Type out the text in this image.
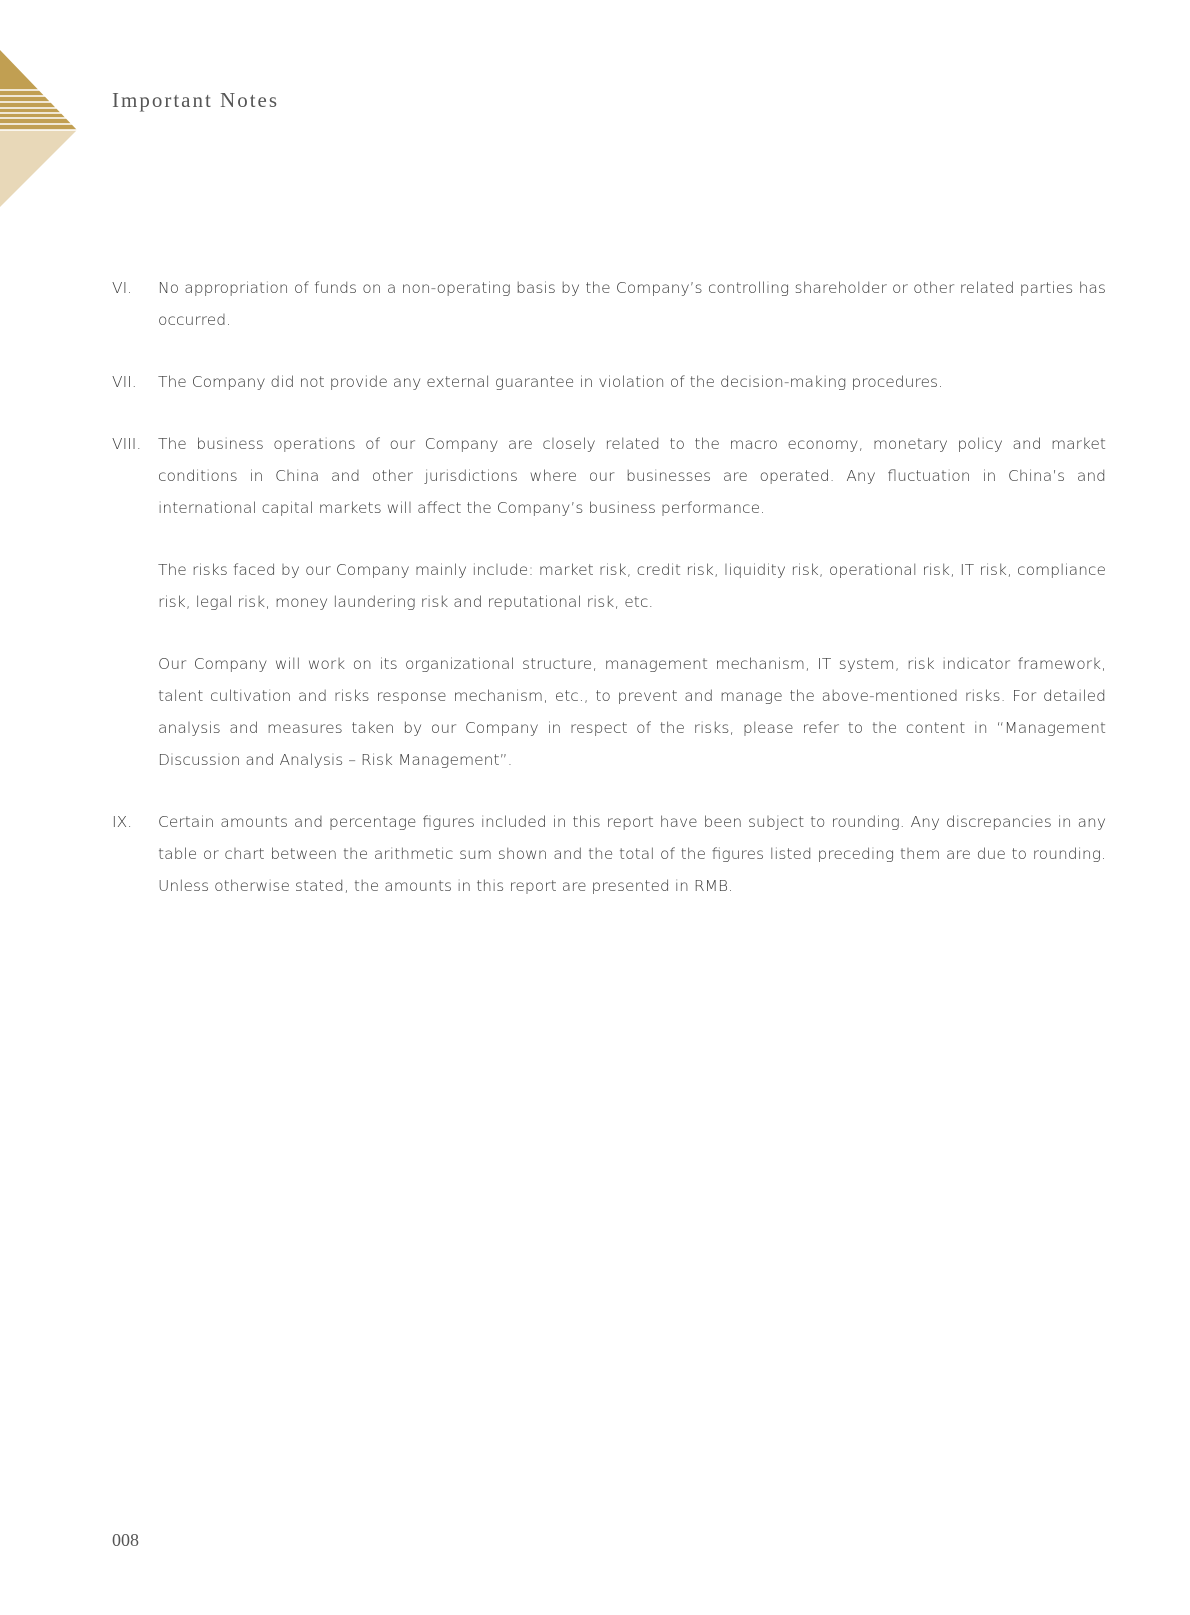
Important Notes
VI.	No appropriation of funds on a non-operating basis by the Company’s controlling shareholder or other related parties has occurred.

VII.	The Company did not provide any external guarantee in violation of the decision-making procedures.

VIII.	The business operations of our Company are closely related to the macro economy, monetary policy and market conditions in China and other jurisdictions where our businesses are operated. Any fluctuation in China’s and international capital markets will affect the Company’s business performance.

The risks faced by our Company mainly include: market risk, credit risk, liquidity risk, operational risk, IT risk, compliance risk, legal risk, money laundering risk and reputational risk, etc.

Our Company will work on its organizational structure, management mechanism, IT system, risk indicator framework, talent cultivation and risks response mechanism, etc., to prevent and manage the above-mentioned risks. For detailed analysis and measures taken by our Company in respect of the risks, please refer to the content in “Management Discussion and Analysis – Risk Management”.

IX.	Certain amounts and percentage figures included in this report have been subject to rounding. Any discrepancies in any table or chart between the arithmetic sum shown and the total of the figures listed preceding them are due to rounding. Unless otherwise stated, the amounts in this report are presented in RMB.

008
